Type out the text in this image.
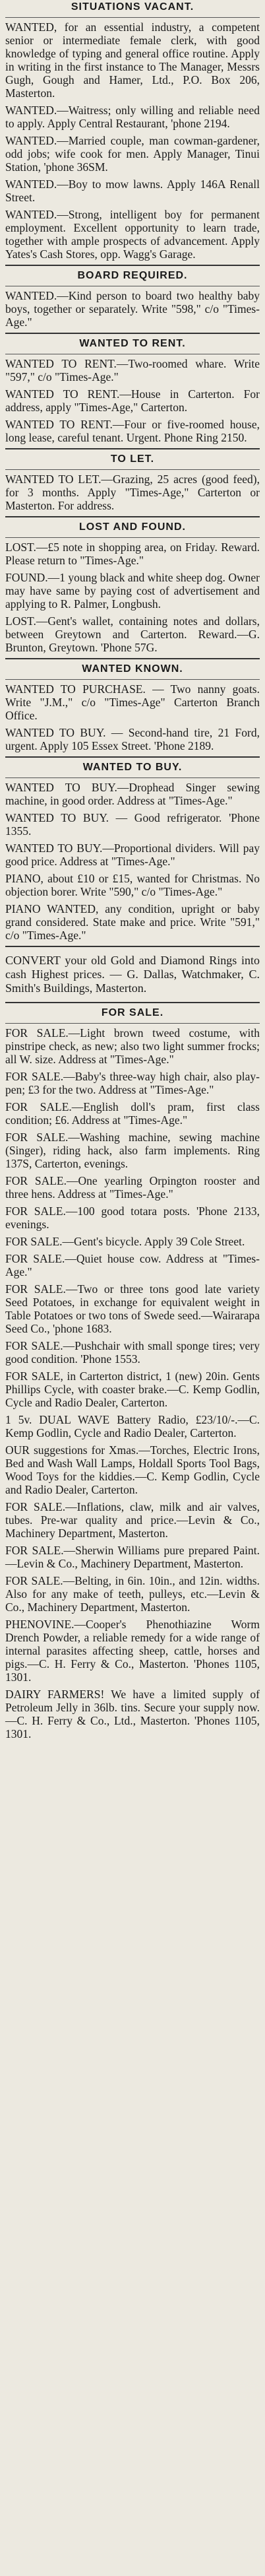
SITUATIONS VACANT.

WANTED, for an essential industry, a competent senior or intermediate female clerk, with good knowledge of typing and general office routine. Apply in writing in the first instance to The Manager, Messrs Gugh, Gough and Hamer, Ltd., P.O. Box 206, Masterton.

WANTED.—Waitress; only willing and reliable need to apply. Apply Central Restaurant, 'phone 2194.

WANTED.—Married couple, man cowman-gardener, odd jobs; wife cook for men. Apply Manager, Tinui Station, 'phone 36SM.

WANTED.—Boy to mow lawns. Apply 146A Renall Street.

WANTED.—Strong, intelligent boy for permanent employment. Excellent opportunity to learn trade, together with ample prospects of advancement. Apply Yates's Cash Stores, opp. Wagg's Garage.

BOARD REQUIRED.

WANTED.—Kind person to board two healthy baby boys, together or separately. Write "598," c/o "Times-Age."

WANTED TO RENT.

WANTED TO RENT.—Two-roomed whare. Write "597," c/o "Times-Age."

WANTED TO RENT.—House in Carterton. For address, apply "Times-Age," Carterton.

WANTED TO RENT.—Four or five-roomed house, long lease, careful tenant. Urgent. Phone Ring 2150.

TO LET.

WANTED TO LET.—Grazing, 25 acres (good feed), for 3 months. Apply "Times-Age," Carterton or Masterton. For address.

LOST AND FOUND.

LOST.—£5 note in shopping area, on Friday. Reward. Please return to "Times-Age."

FOUND.—1 young black and white sheep dog. Owner may have same by paying cost of advertisement and applying to R. Palmer, Longbush.

LOST.—Gent's wallet, containing notes and dollars, between Greytown and Carterton. Reward.—G. Brunton, Greytown. 'Phone 57G.

WANTED KNOWN.

WANTED TO PURCHASE. — Two nanny goats. Write "J.M.," c/o "Times-Age" Carterton Branch Office.

WANTED TO BUY. — Second-hand tire, 21 Ford, urgent. Apply 105 Essex Street. 'Phone 2189.

WANTED TO BUY.

WANTED TO BUY.—Drophead Singer sewing machine, in good order. Address at "Times-Age."

WANTED TO BUY. — Good refrigerator. 'Phone 1355.

WANTED TO BUY.—Proportional dividers. Will pay good price. Address at "Times-Age."

PIANO, about £10 or £15, wanted for Christmas. No objection borer. Write "590," c/o "Times-Age."

PIANO WANTED, any condition, upright or baby grand considered. State make and price. Write "591," c/o "Times-Age."

CONVERT your old Gold and Diamond Rings into cash Highest prices. — G. Dallas, Watchmaker, C. Smith's Buildings, Masterton.

FOR SALE.

FOR SALE.—Light brown tweed costume, with pinstripe check, as new; also two light summer frocks; all W. size. Address at "Times-Age."

FOR SALE.—Baby's three-way high chair, also play-pen; £3 for the two. Address at "Times-Age."

FOR SALE.—English doll's pram, first class condition; £6. Address at "Times-Age."

FOR SALE.—Washing machine, sewing machine (Singer), riding hack, also farm implements. Ring 137S, Carterton, evenings.

FOR SALE.—One yearling Orpington rooster and three hens. Address at "Times-Age."

FOR SALE.—100 good totara posts. 'Phone 2133, evenings.

FOR SALE.—Gent's bicycle. Apply 39 Cole Street.

FOR SALE.—Quiet house cow. Address at "Times-Age."

FOR SALE.—Two or three tons good late variety Seed Potatoes, in exchange for equivalent weight in Table Potatoes or two tons of Swede seed.—Wairarapa Seed Co., 'phone 1683.

FOR SALE.—Pushchair with small sponge tires; very good condition. 'Phone 1553.

FOR SALE, in Carterton district, 1 (new) 20in. Gents Phillips Cycle, with coaster brake.—C. Kemp Godlin, Cycle and Radio Dealer, Carterton.

1 5v. DUAL WAVE Battery Radio, £23/10/-.—C. Kemp Godlin, Cycle and Radio Dealer, Carterton.

OUR suggestions for Xmas.—Torches, Electric Irons, Bed and Wash Wall Lamps, Holdall Sports Tool Bags, Wood Toys for the kiddies.—C. Kemp Godlin, Cycle and Radio Dealer, Carterton.

FOR SALE.—Inflations, claw, milk and air valves, tubes. Pre-war quality and price.—Levin & Co., Machinery Department, Masterton.

FOR SALE.—Sherwin Williams pure prepared Paint.—Levin & Co., Machinery Department, Masterton.

FOR SALE.—Belting, in 6in. 10in., and 12in. widths. Also for any make of teeth, pulleys, etc.—Levin & Co., Machinery Department, Masterton.

PHENOVINE.—Cooper's Phenothiazine Worm Drench Powder, a reliable remedy for a wide range of internal parasites affecting sheep, cattle, horses and pigs.—C. H. Ferry & Co., Masterton. 'Phones 1105, 1301.

DAIRY FARMERS! We have a limited supply of Petroleum Jelly in 36lb. tins. Secure your supply now. —C. H. Ferry & Co., Ltd., Masterton. 'Phones 1105, 1301.
